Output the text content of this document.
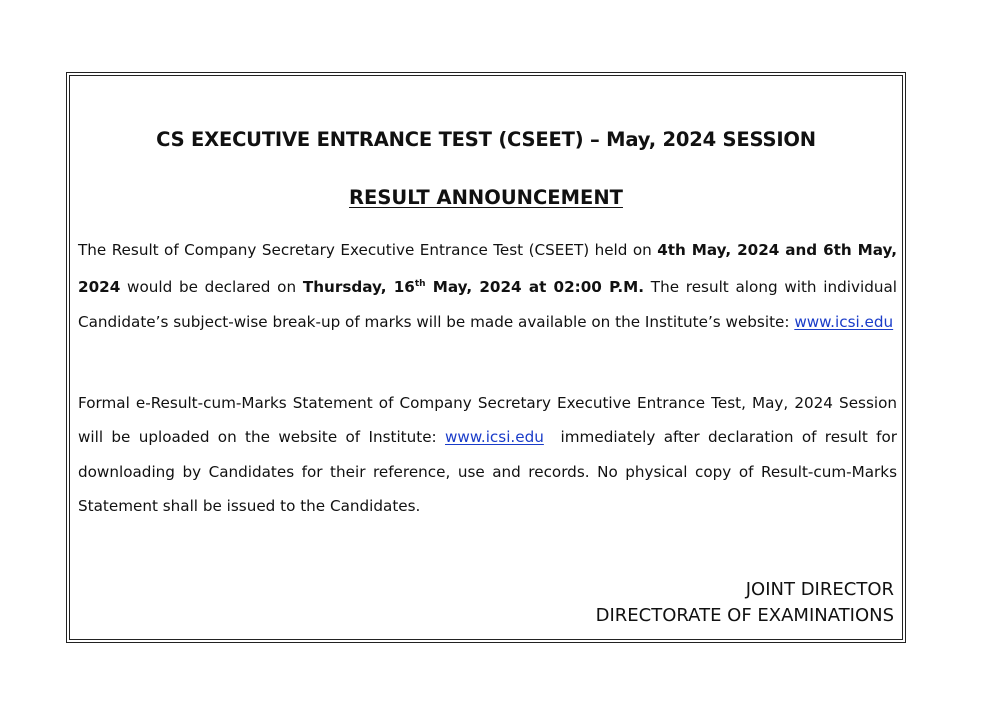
CS EXECUTIVE ENTRANCE TEST (CSEET) – May, 2024 SESSION
RESULT ANNOUNCEMENT

The Result of Company Secretary Executive Entrance Test (CSEET) held on 4th May, 2024 and 6th May, 2024 would be declared on Thursday, 16th May, 2024 at 02:00 P.M. The result along with individual Candidate’s subject-wise break-up of marks will be made available on the Institute’s website: www.icsi.edu

Formal e-Result-cum-Marks Statement of Company Secretary Executive Entrance Test, May, 2024 Session will be uploaded on the website of Institute: www.icsi.edu  immediately after declaration of result for downloading by Candidates for their reference, use and records. No physical copy of Result-cum-Marks Statement shall be issued to the Candidates.

JOINT DIRECTOR
DIRECTORATE OF EXAMINATIONS
